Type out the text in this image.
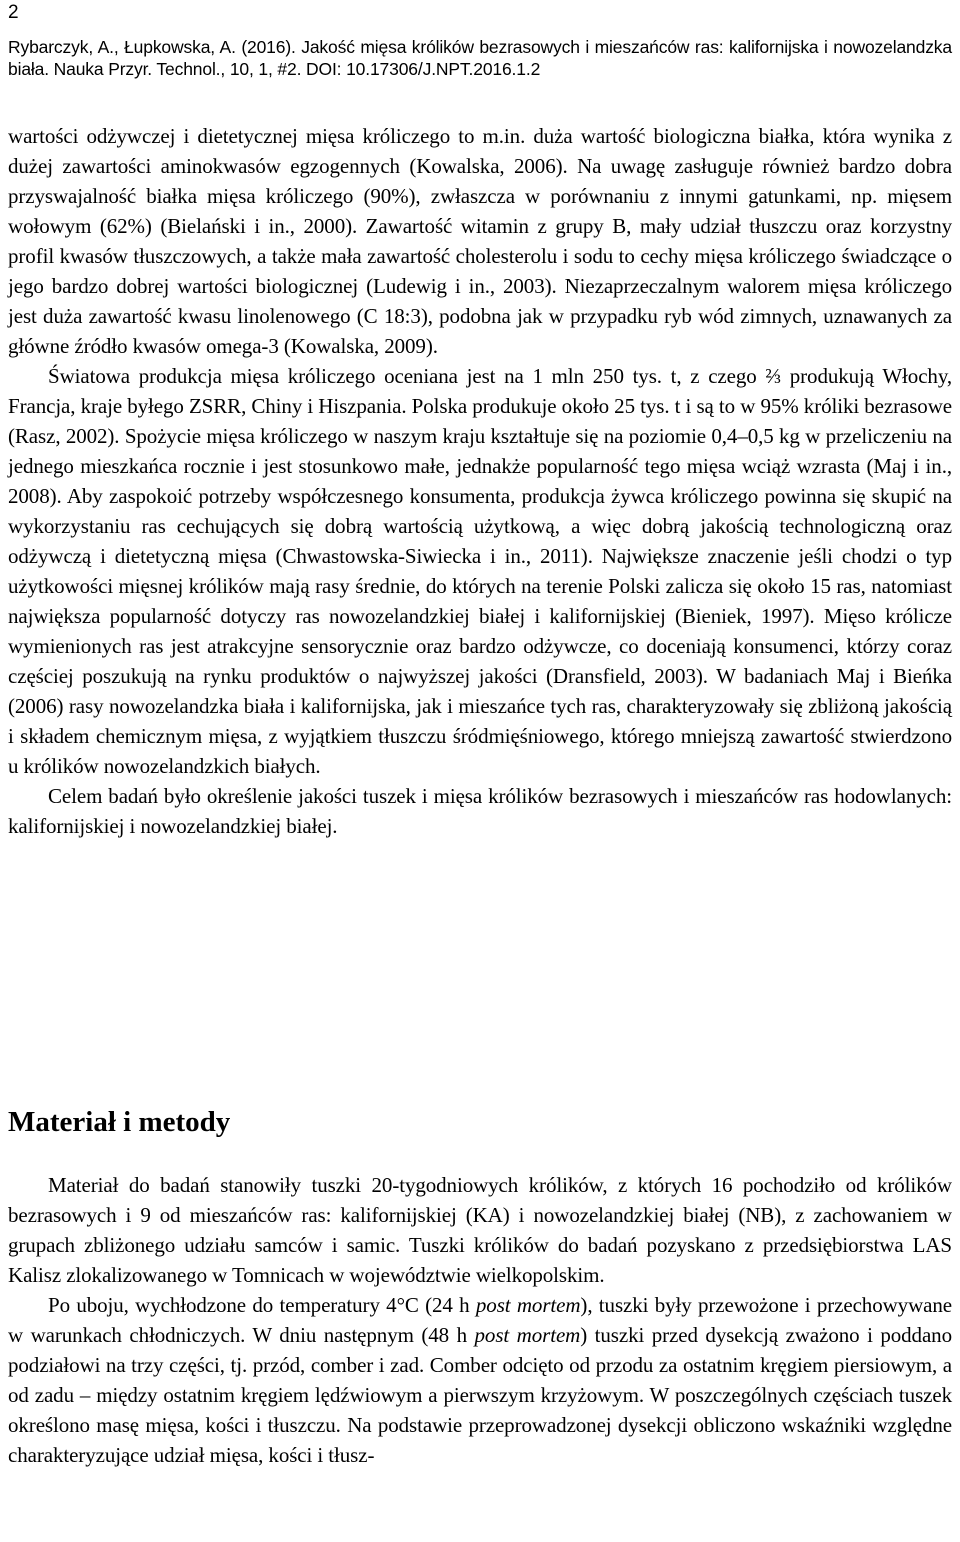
2
Rybarczyk, A., Łupkowska, A. (2016). Jakość mięsa królików bezrasowych i mieszańców ras: kalifornijska i nowozelandzka biała. Nauka Przyr. Technol., 10, 1, #2. DOI: 10.17306/J.NPT.2016.1.2

wartości odżywczej i dietetycznej mięsa króliczego to m.in. duża wartość biologiczna białka, która wynika z dużej zawartości aminokwasów egzogennych (Kowalska, 2006). Na uwagę zasługuje również bardzo dobra przyswajalność białka mięsa króliczego (90%), zwłaszcza w porównaniu z innymi gatunkami, np. mięsem wołowym (62%) (Bielański i in., 2000). Zawartość witamin z grupy B, mały udział tłuszczu oraz korzystny profil kwasów tłuszczowych, a także mała zawartość cholesterolu i sodu to cechy mięsa króliczego świadczące o jego bardzo dobrej wartości biologicznej (Ludewig i in., 2003). Niezaprzeczalnym walorem mięsa króliczego jest duża zawartość kwasu linolenowego (C 18:3), podobna jak w przypadku ryb wód zimnych, uznawanych za główne źródło kwasów omega-3 (Kowalska, 2009).

Światowa produkcja mięsa króliczego oceniana jest na 1 mln 250 tys. t, z czego ⅔ produkują Włochy, Francja, kraje byłego ZSRR, Chiny i Hiszpania. Polska produkuje około 25 tys. t i są to w 95% króliki bezrasowe (Rasz, 2002). Spożycie mięsa króliczego w naszym kraju kształtuje się na poziomie 0,4–0,5 kg w przeliczeniu na jednego mieszkańca rocznie i jest stosunkowo małe, jednakże popularność tego mięsa wciąż wzrasta (Maj i in., 2008). Aby zaspokoić potrzeby współczesnego konsumenta, produkcja żywca króliczego powinna się skupić na wykorzystaniu ras cechujących się dobrą wartością użytkową, a więc dobrą jakością technologiczną oraz odżywczą i dietetyczną mięsa (Chwastowska-Siwiecka i in., 2011). Największe znaczenie jeśli chodzi o typ użytkowości mięsnej królików mają rasy średnie, do których na terenie Polski zalicza się około 15 ras, natomiast największa popularność dotyczy ras nowozelandzkiej białej i kalifornijskiej (Bieniek, 1997). Mięso królicze wymienionych ras jest atrakcyjne sensorycznie oraz bardzo odżywcze, co doceniają konsumenci, którzy coraz częściej poszukują na rynku produktów o najwyższej jakości (Dransfield, 2003). W badaniach Maj i Bieńka (2006) rasy nowozelandzka biała i kalifornijska, jak i mieszańce tych ras, charakteryzowały się zbliżoną jakością i składem chemicznym mięsa, z wyjątkiem tłuszczu śródmięśniowego, którego mniejszą zawartość stwierdzono u królików nowozelandzkich białych.

Celem badań było określenie jakości tuszek i mięsa królików bezrasowych i mieszańców ras hodowlanych: kalifornijskiej i nowozelandzkiej białej.

Materiał i metody

Materiał do badań stanowiły tuszki 20-tygodniowych królików, z których 16 pochodziło od królików bezrasowych i 9 od mieszańców ras: kalifornijskiej (KA) i nowozelandzkiej białej (NB), z zachowaniem w grupach zbliżonego udziału samców i samic. Tuszki królików do badań pozyskano z przedsiębiorstwa LAS Kalisz zlokalizowanego w Tomnicach w województwie wielkopolskim.

Po uboju, wychłodzone do temperatury 4°C (24 h post mortem), tuszki były przewożone i przechowywane w warunkach chłodniczych. W dniu następnym (48 h post mortem) tuszki przed dysekcją zważono i poddano podziałowi na trzy części, tj. przód, comber i zad. Comber odcięto od przodu za ostatnim kręgiem piersiowym, a od zadu – między ostatnim kręgiem lędźwiowym a pierwszym krzyżowym. W poszczególnych częściach tuszek określono masę mięsa, kości i tłuszczu. Na podstawie przeprowadzonej dysekcji obliczono wskaźniki względne charakteryzujące udział mięsa, kości i tłusz-
